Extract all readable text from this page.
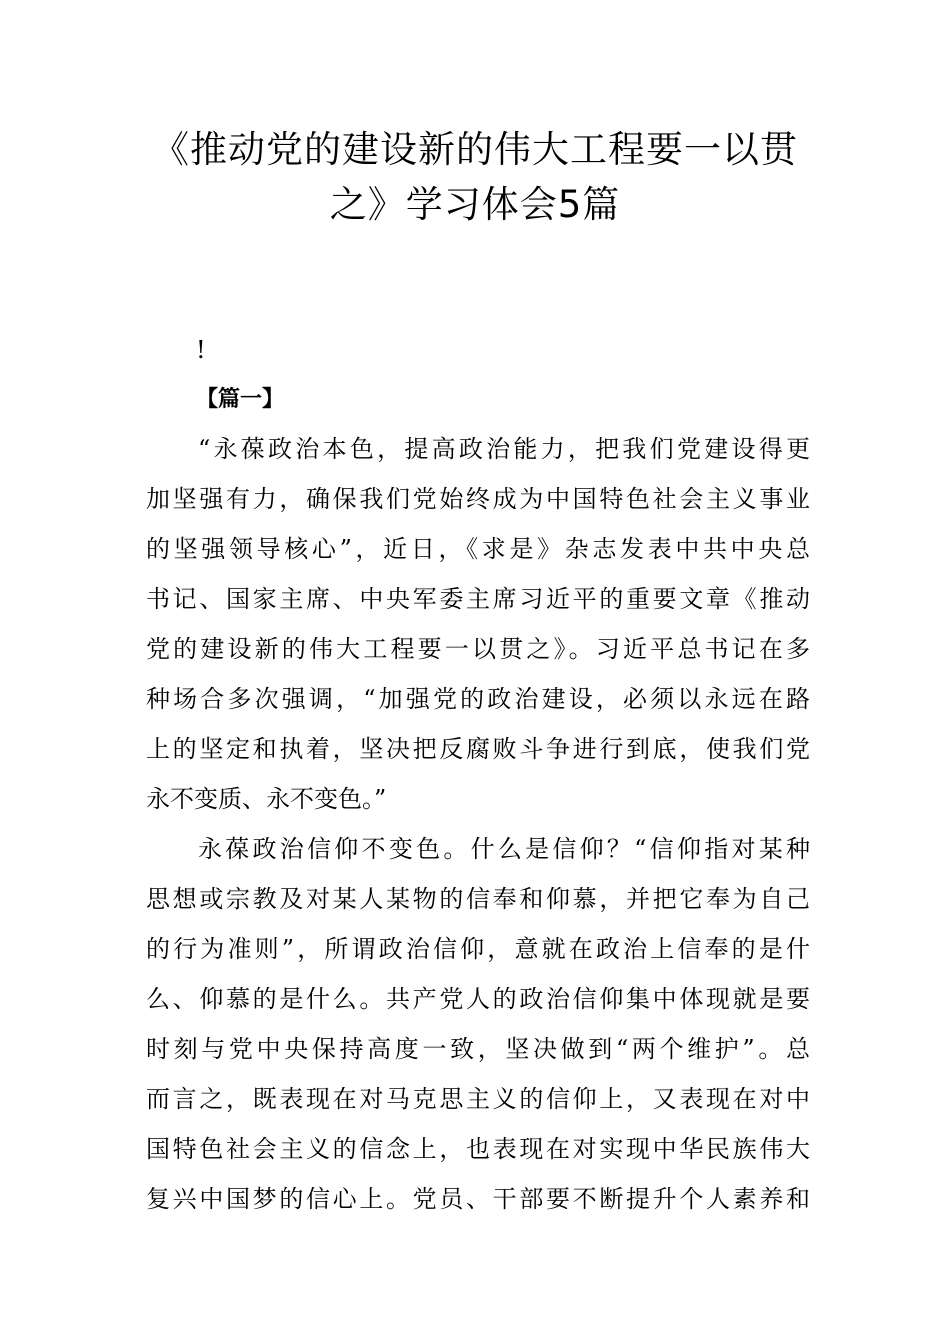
《推动党的建设新的伟大工程要一以贯
之》学习体会5篇
!
【篇一】
“永葆政治本色，提高政治能力，把我们党建设得更
加坚强有力，确保我们党始终成为中国特色社会主义事业
的坚强领导核心”，近日，《求是》杂志发表中共中央总
书记、国家主席、中央军委主席习近平的重要文章《推动
党的建设新的伟大工程要一以贯之》。习近平总书记在多
种场合多次强调，“加强党的政治建设，必须以永远在路
上的坚定和执着，坚决把反腐败斗争进行到底，使我们党
永不变质、永不变色。”
永葆政治信仰不变色。什么是信仰？“信仰指对某种
思想或宗教及对某人某物的信奉和仰慕，并把它奉为自己
的行为准则”，所谓政治信仰，意就在政治上信奉的是什
么、仰慕的是什么。共产党人的政治信仰集中体现就是要
时刻与党中央保持高度一致，坚决做到“两个维护”。总
而言之，既表现在对马克思主义的信仰上，又表现在对中
国特色社会主义的信念上，也表现在对实现中华民族伟大
复兴中国梦的信心上。党员、干部要不断提升个人素养和
